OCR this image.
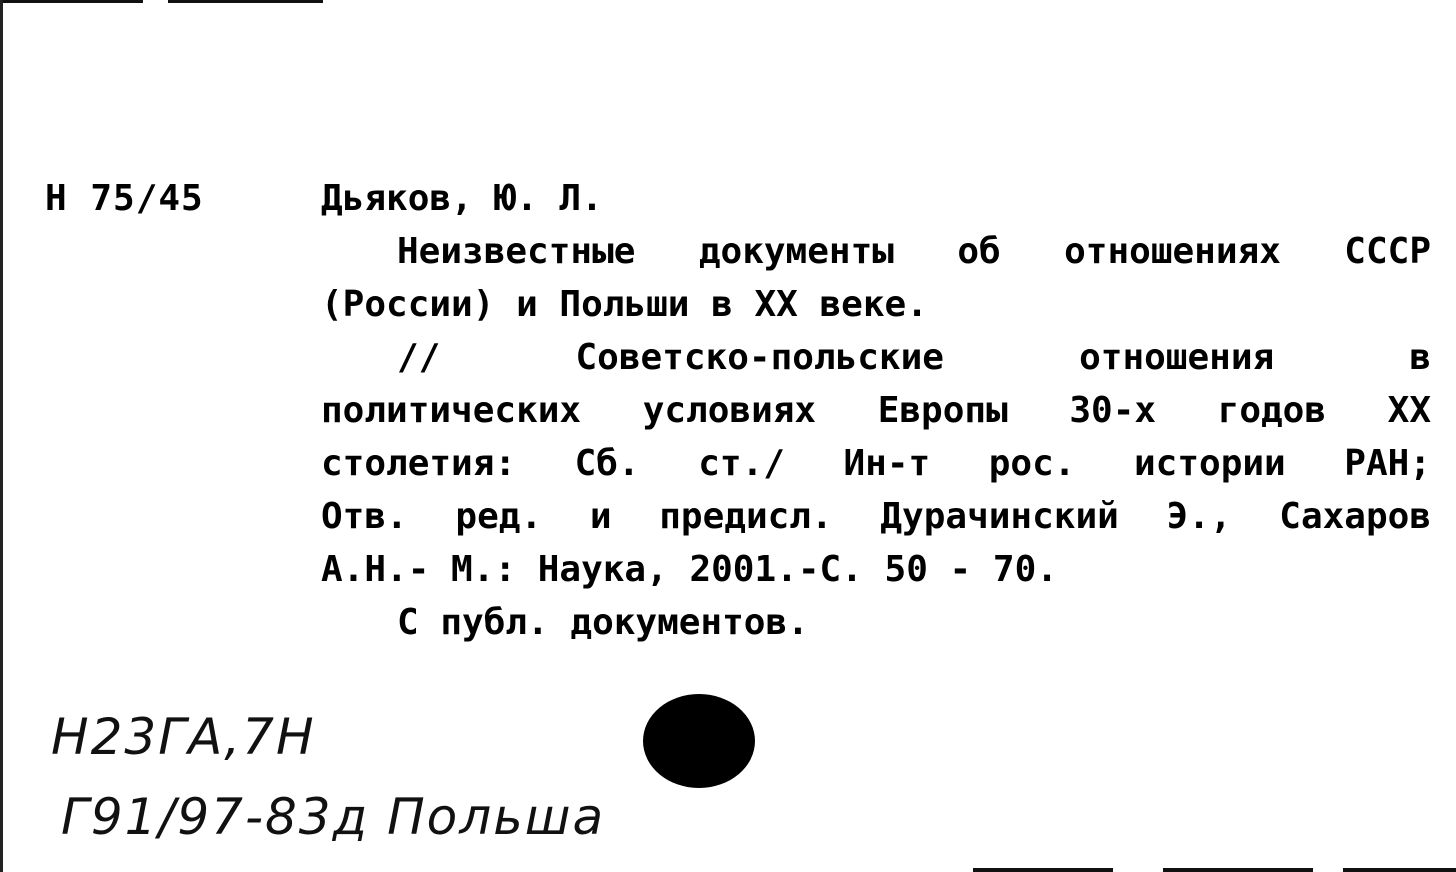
Н 75/45	Дьяков, Ю. Л.
Неизвестные документы об отношениях СССР
(России) и Польши в XX веке.
// Советско-польские отношения в
политических условиях Европы 30-х годов XX
столетия: Сб. ст./ Ин-т рос. истории РАН;
Отв. ред. и предисл. Дурачинский Э., Сахаров
А.Н.- М.: Наука, 2001.-С. 50 - 70.
С публ. документов.
Н23ГА,7Н
Г91/97-83д Польша
